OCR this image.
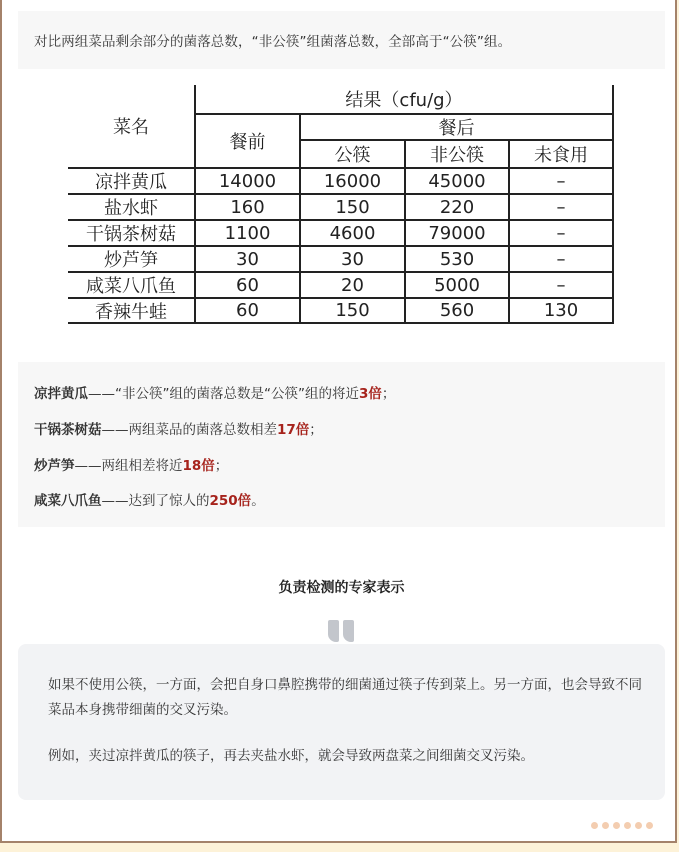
对比两组菜品剩余部分的菌落总数，“非公筷”组菌落总数，全部高于“公筷”组。
菜名
结果（cfu/g）
餐前
餐后
公筷	非公筷	未食用
凉拌黄瓜	14000	16000	45000	–
盐水虾	160	150	220	–
干锅茶树菇	1100	4600	79000	–
炒芦笋	30	30	530	–
咸菜八爪鱼	60	20	5000	–
香辣牛蛙	60	150	560	130
凉拌黄瓜——“非公筷”组的菌落总数是“公筷”组的将近3倍；
干锅茶树菇——两组菜品的菌落总数相差17倍；
炒芦笋——两组相差将近18倍；
咸菜八爪鱼——达到了惊人的250倍。
负责检测的专家表示
如果不使用公筷，一方面，会把自身口鼻腔携带的细菌通过筷子传到菜上。另一方面，也会导致不同菜品本身携带细菌的交叉污染。
例如，夹过凉拌黄瓜的筷子，再去夹盐水虾，就会导致两盘菜之间细菌交叉污染。
